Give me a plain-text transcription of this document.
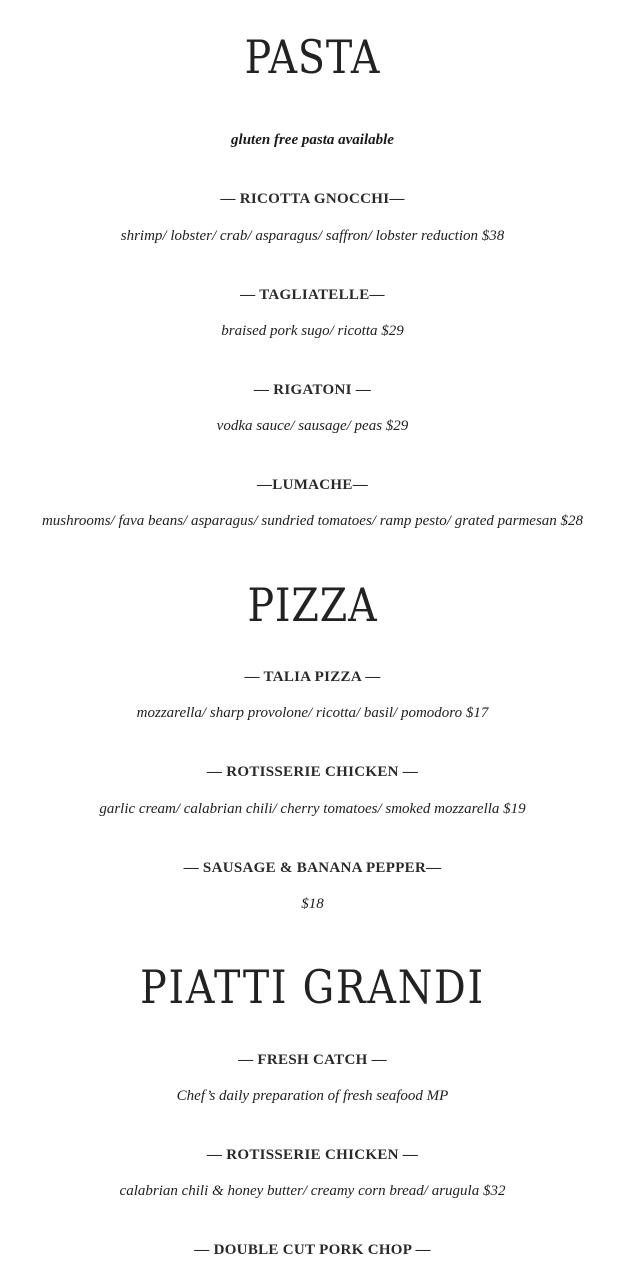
PASTA
gluten free pasta available
— RICOTTA GNOCCHI—
shrimp/ lobster/ crab/ asparagus/ saffron/ lobster reduction $38
— TAGLIATELLE—
braised pork sugo/ ricotta $29
— RIGATONI —
vodka sauce/ sausage/ peas $29
—LUMACHE—
mushrooms/ fava beans/ asparagus/ sundried tomatoes/ ramp pesto/ grated parmesan $28
PIZZA
— TALIA PIZZA —
mozzarella/ sharp provolone/ ricotta/ basil/ pomodoro $17
— ROTISSERIE CHICKEN —
garlic cream/ calabrian chili/ cherry tomatoes/ smoked mozzarella $19
— SAUSAGE & BANANA PEPPER—
$18
PIATTI GRANDI
— FRESH CATCH —
Chef’s daily preparation of fresh seafood MP
— ROTISSERIE CHICKEN —
calabrian chili & honey butter/ creamy corn bread/ arugula $32
— DOUBLE CUT PORK CHOP —
